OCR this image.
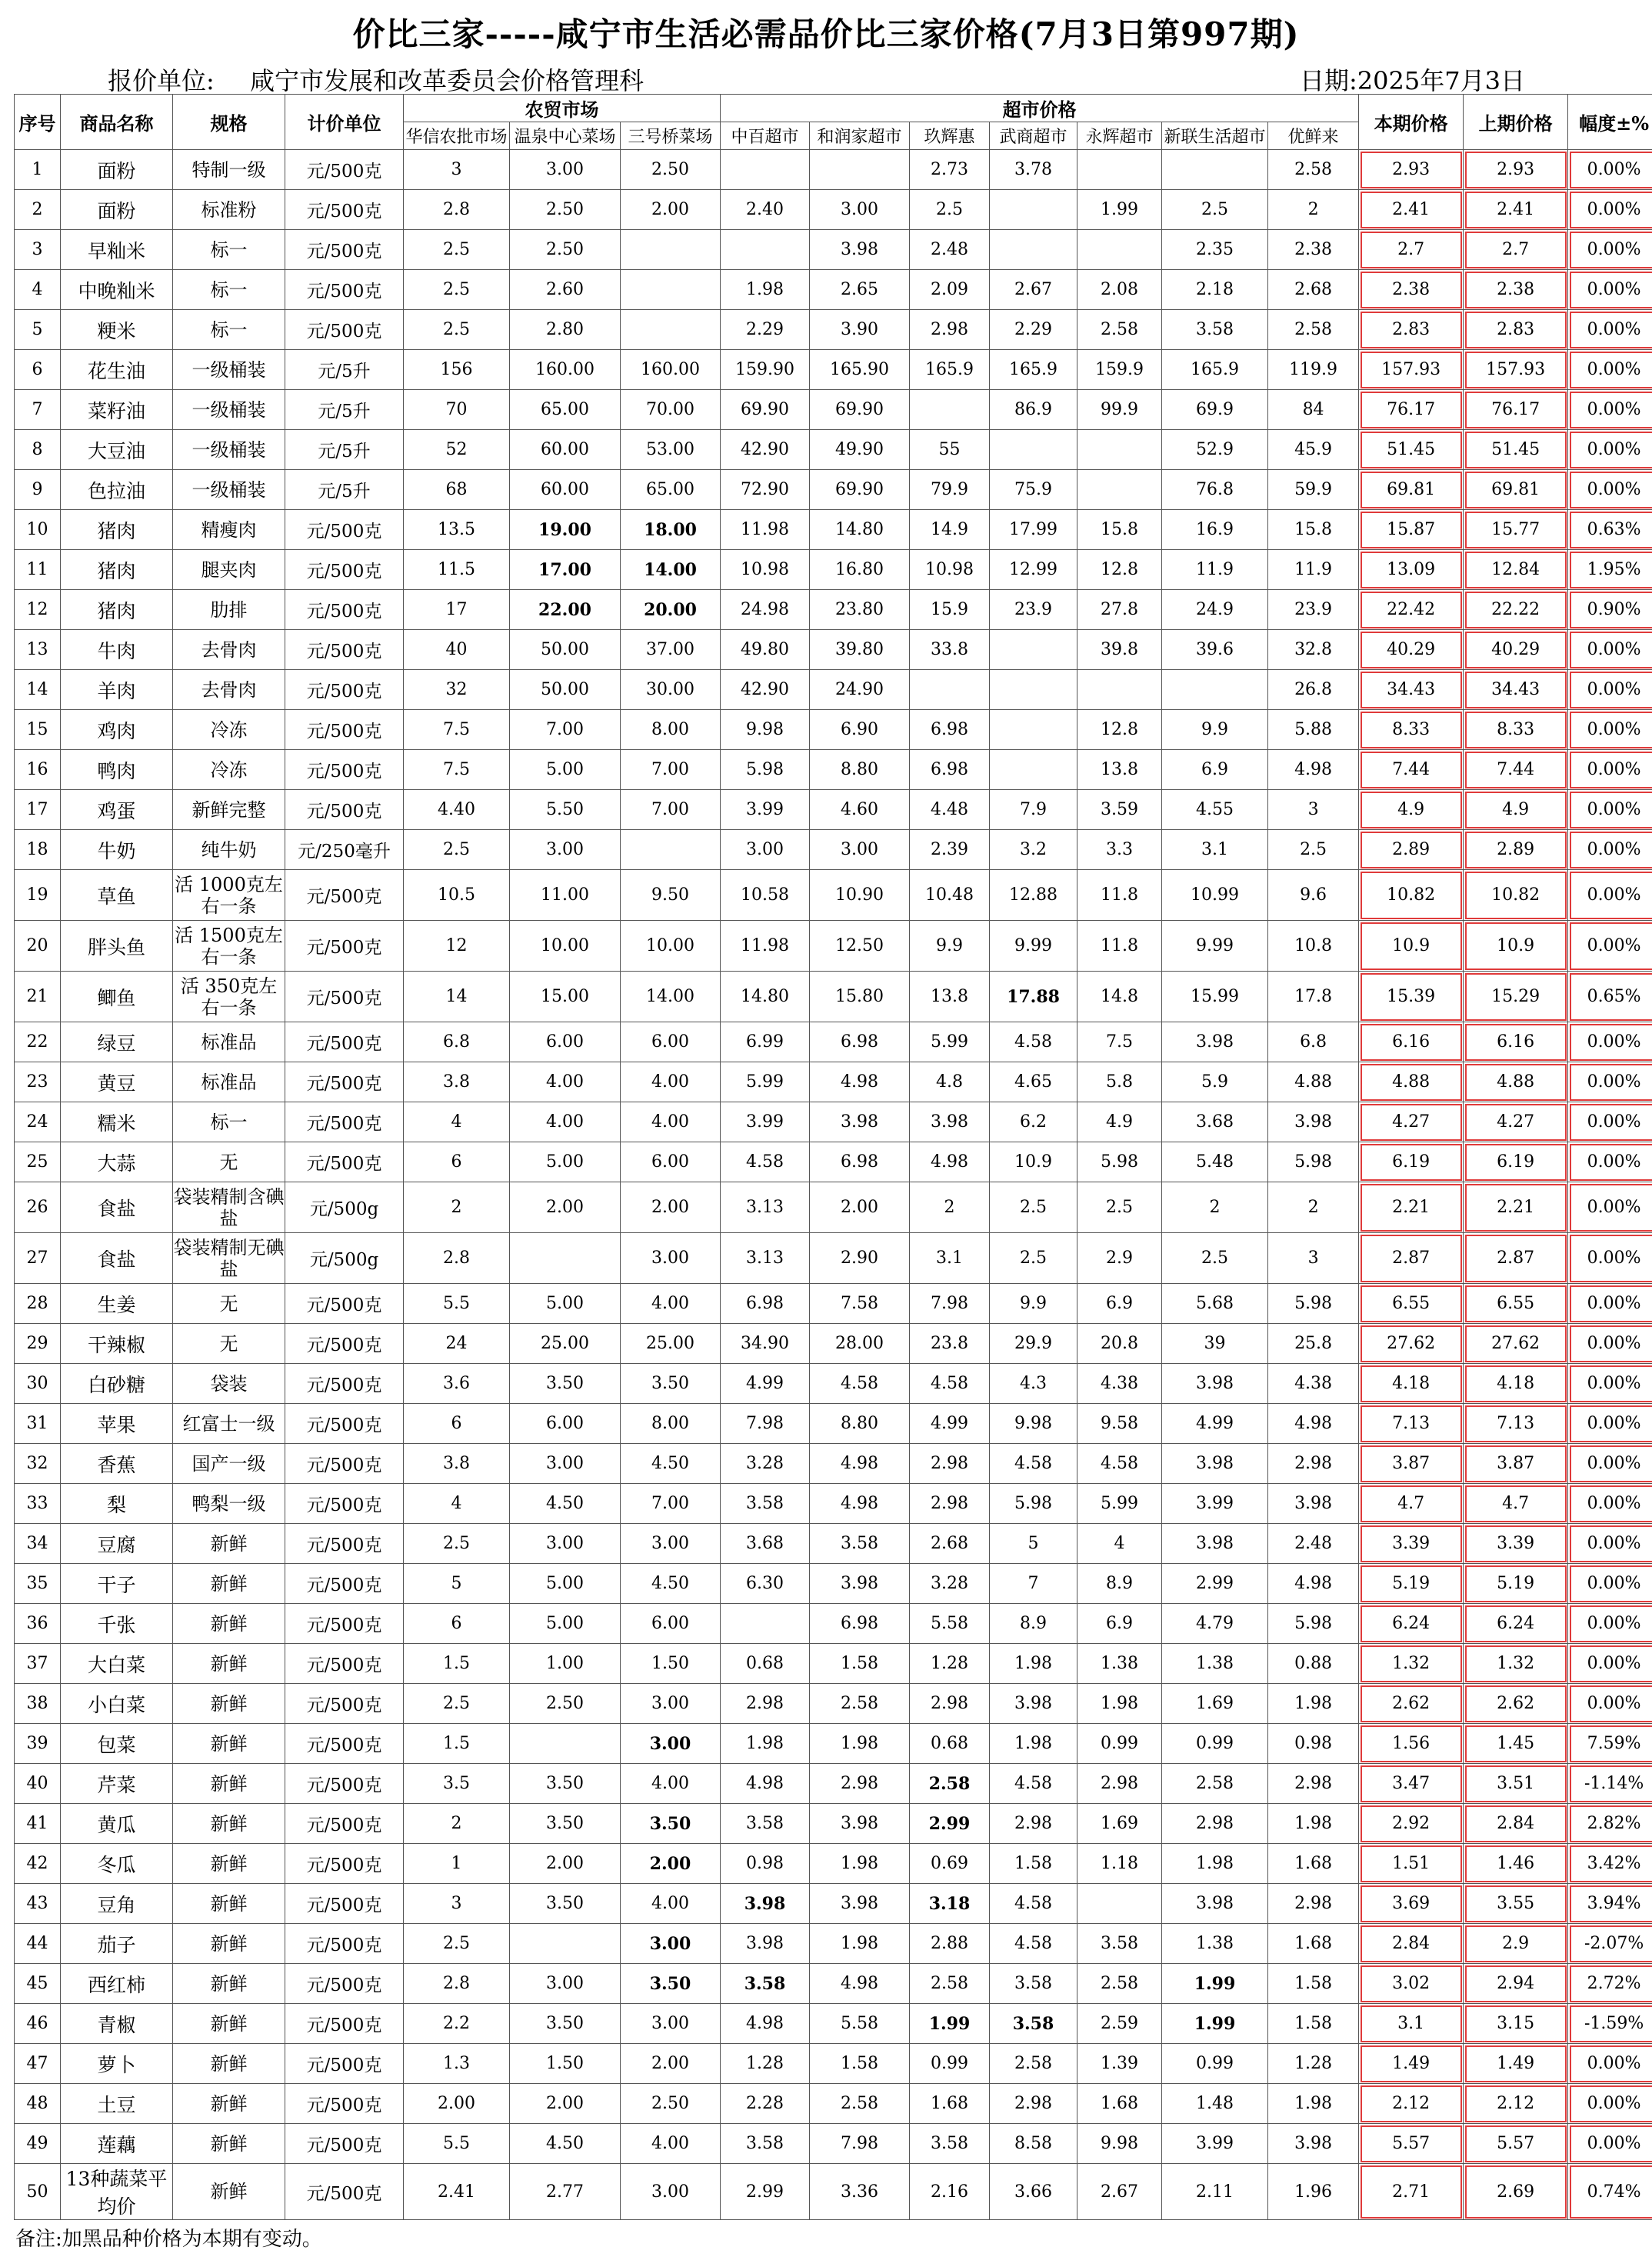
价比三家-----咸宁市生活必需品价比三家价格(7月3日第997期)
报价单位: 咸宁市发展和改革委员会价格管理科	日期:2025年7月3日
序号	商品名称	规格	计价单位	农贸市场			超市价格							本期价格	上期价格	幅度±%
				华信农批市场	温泉中心菜场	三号桥菜场	中百超市	和润家超市	玖辉惠	武商超市	永辉超市	新联生活超市	优鲜来			
1	面粉	特制一级	元/500克	3	3.00	2.50			2.73	3.78			2.58	2.93	2.93	0.00%
2	面粉	标准粉	元/500克	2.8	2.50	2.00	2.40	3.00	2.5		1.99	2.5	2	2.41	2.41	0.00%
3	早籼米	标一	元/500克	2.5	2.50			3.98	2.48			2.35	2.38	2.7	2.7	0.00%
4	中晚籼米	标一	元/500克	2.5	2.60		1.98	2.65	2.09	2.67	2.08	2.18	2.68	2.38	2.38	0.00%
5	粳米	标一	元/500克	2.5	2.80		2.29	3.90	2.98	2.29	2.58	3.58	2.58	2.83	2.83	0.00%
6	花生油	一级桶装	元/5升	156	160.00	160.00	159.90	165.90	165.9	165.9	159.9	165.9	119.9	157.93	157.93	0.00%
7	菜籽油	一级桶装	元/5升	70	65.00	70.00	69.90	69.90		86.9	99.9	69.9	84	76.17	76.17	0.00%
8	大豆油	一级桶装	元/5升	52	60.00	53.00	42.90	49.90	55			52.9	45.9	51.45	51.45	0.00%
9	色拉油	一级桶装	元/5升	68	60.00	65.00	72.90	69.90	79.9	75.9		76.8	59.9	69.81	69.81	0.00%
10	猪肉	精瘦肉	元/500克	13.5	19.00	18.00	11.98	14.80	14.9	17.99	15.8	16.9	15.8	15.87	15.77	0.63%
11	猪肉	腿夹肉	元/500克	11.5	17.00	14.00	10.98	16.80	10.98	12.99	12.8	11.9	11.9	13.09	12.84	1.95%
12	猪肉	肋排	元/500克	17	22.00	20.00	24.98	23.80	15.9	23.9	27.8	24.9	23.9	22.42	22.22	0.90%
13	牛肉	去骨肉	元/500克	40	50.00	37.00	49.80	39.80	33.8		39.8	39.6	32.8	40.29	40.29	0.00%
14	羊肉	去骨肉	元/500克	32	50.00	30.00	42.90	24.90					26.8	34.43	34.43	0.00%
15	鸡肉	冷冻	元/500克	7.5	7.00	8.00	9.98	6.90	6.98		12.8	9.9	5.88	8.33	8.33	0.00%
16	鸭肉	冷冻	元/500克	7.5	5.00	7.00	5.98	8.80	6.98		13.8	6.9	4.98	7.44	7.44	0.00%
17	鸡蛋	新鲜完整	元/500克	4.40	5.50	7.00	3.99	4.60	4.48	7.9	3.59	4.55	3	4.9	4.9	0.00%
18	牛奶	纯牛奶	元/250毫升	2.5	3.00		3.00	3.00	2.39	3.2	3.3	3.1	2.5	2.89	2.89	0.00%
19	草鱼	活 1000克左右一条	元/500克	10.5	11.00	9.50	10.58	10.90	10.48	12.88	11.8	10.99	9.6	10.82	10.82	0.00%
20	胖头鱼	活 1500克左右一条	元/500克	12	10.00	10.00	11.98	12.50	9.9	9.99	11.8	9.99	10.8	10.9	10.9	0.00%
21	鲫鱼	活 350克左右一条	元/500克	14	15.00	14.00	14.80	15.80	13.8	17.88	14.8	15.99	17.8	15.39	15.29	0.65%
22	绿豆	标准品	元/500克	6.8	6.00	6.00	6.99	6.98	5.99	4.58	7.5	3.98	6.8	6.16	6.16	0.00%
23	黄豆	标准品	元/500克	3.8	4.00	4.00	5.99	4.98	4.8	4.65	5.8	5.9	4.88	4.88	4.88	0.00%
24	糯米	标一	元/500克	4	4.00	4.00	3.99	3.98	3.98	6.2	4.9	3.68	3.98	4.27	4.27	0.00%
25	大蒜	无	元/500克	6	5.00	6.00	4.58	6.98	4.98	10.9	5.98	5.48	5.98	6.19	6.19	0.00%
26	食盐	袋装精制含碘盐	元/500g	2	2.00	2.00	3.13	2.00	2	2.5	2.5	2	2	2.21	2.21	0.00%
27	食盐	袋装精制无碘盐	元/500g	2.8		3.00	3.13	2.90	3.1	2.5	2.9	2.5	3	2.87	2.87	0.00%
28	生姜	无	元/500克	5.5	5.00	4.00	6.98	7.58	7.98	9.9	6.9	5.68	5.98	6.55	6.55	0.00%
29	干辣椒	无	元/500克	24	25.00	25.00	34.90	28.00	23.8	29.9	20.8	39	25.8	27.62	27.62	0.00%
30	白砂糖	袋装	元/500克	3.6	3.50	3.50	4.99	4.58	4.58	4.3	4.38	3.98	4.38	4.18	4.18	0.00%
31	苹果	红富士一级	元/500克	6	6.00	8.00	7.98	8.80	4.99	9.98	9.58	4.99	4.98	7.13	7.13	0.00%
32	香蕉	国产一级	元/500克	3.8	3.00	4.50	3.28	4.98	2.98	4.58	4.58	3.98	2.98	3.87	3.87	0.00%
33	梨	鸭梨一级	元/500克	4	4.50	7.00	3.58	4.98	2.98	5.98	5.99	3.99	3.98	4.7	4.7	0.00%
34	豆腐	新鲜	元/500克	2.5	3.00	3.00	3.68	3.58	2.68	5	4	3.98	2.48	3.39	3.39	0.00%
35	干子	新鲜	元/500克	5	5.00	4.50	6.30	3.98	3.28	7	8.9	2.99	4.98	5.19	5.19	0.00%
36	千张	新鲜	元/500克	6	5.00	6.00		6.98	5.58	8.9	6.9	4.79	5.98	6.24	6.24	0.00%
37	大白菜	新鲜	元/500克	1.5	1.00	1.50	0.68	1.58	1.28	1.98	1.38	1.38	0.88	1.32	1.32	0.00%
38	小白菜	新鲜	元/500克	2.5	2.50	3.00	2.98	2.58	2.98	3.98	1.98	1.69	1.98	2.62	2.62	0.00%
39	包菜	新鲜	元/500克	1.5		3.00	1.98	1.98	0.68	1.98	0.99	0.99	0.98	1.56	1.45	7.59%
40	芹菜	新鲜	元/500克	3.5	3.50	4.00	4.98	2.98	2.58	4.58	2.98	2.58	2.98	3.47	3.51	-1.14%
41	黄瓜	新鲜	元/500克	2	3.50	3.50	3.58	3.98	2.99	2.98	1.69	2.98	1.98	2.92	2.84	2.82%
42	冬瓜	新鲜	元/500克	1	2.00	2.00	0.98	1.98	0.69	1.58	1.18	1.98	1.68	1.51	1.46	3.42%
43	豆角	新鲜	元/500克	3	3.50	4.00	3.98	3.98	3.18	4.58		3.98	2.98	3.69	3.55	3.94%
44	茄子	新鲜	元/500克	2.5		3.00	3.98	1.98	2.88	4.58	3.58	1.38	1.68	2.84	2.9	-2.07%
45	西红柿	新鲜	元/500克	2.8	3.00	3.50	3.58	4.98	2.58	3.58	2.58	1.99	1.58	3.02	2.94	2.72%
46	青椒	新鲜	元/500克	2.2	3.50	3.00	4.98	5.58	1.99	3.58	2.59	1.99	1.58	3.1	3.15	-1.59%
47	萝卜	新鲜	元/500克	1.3	1.50	2.00	1.28	1.58	0.99	2.58	1.39	0.99	1.28	1.49	1.49	0.00%
48	土豆	新鲜	元/500克	2.00	2.00	2.50	2.28	2.58	1.68	2.98	1.68	1.48	1.98	2.12	2.12	0.00%
49	莲藕	新鲜	元/500克	5.5	4.50	4.00	3.58	7.98	3.58	8.58	9.98	3.99	3.98	5.57	5.57	0.00%
50	13种蔬菜平均价	新鲜	元/500克	2.41	2.77	3.00	2.99	3.36	2.16	3.66	2.67	2.11	1.96	2.71	2.69	0.74%
备注:加黑品种价格为本期有变动。
